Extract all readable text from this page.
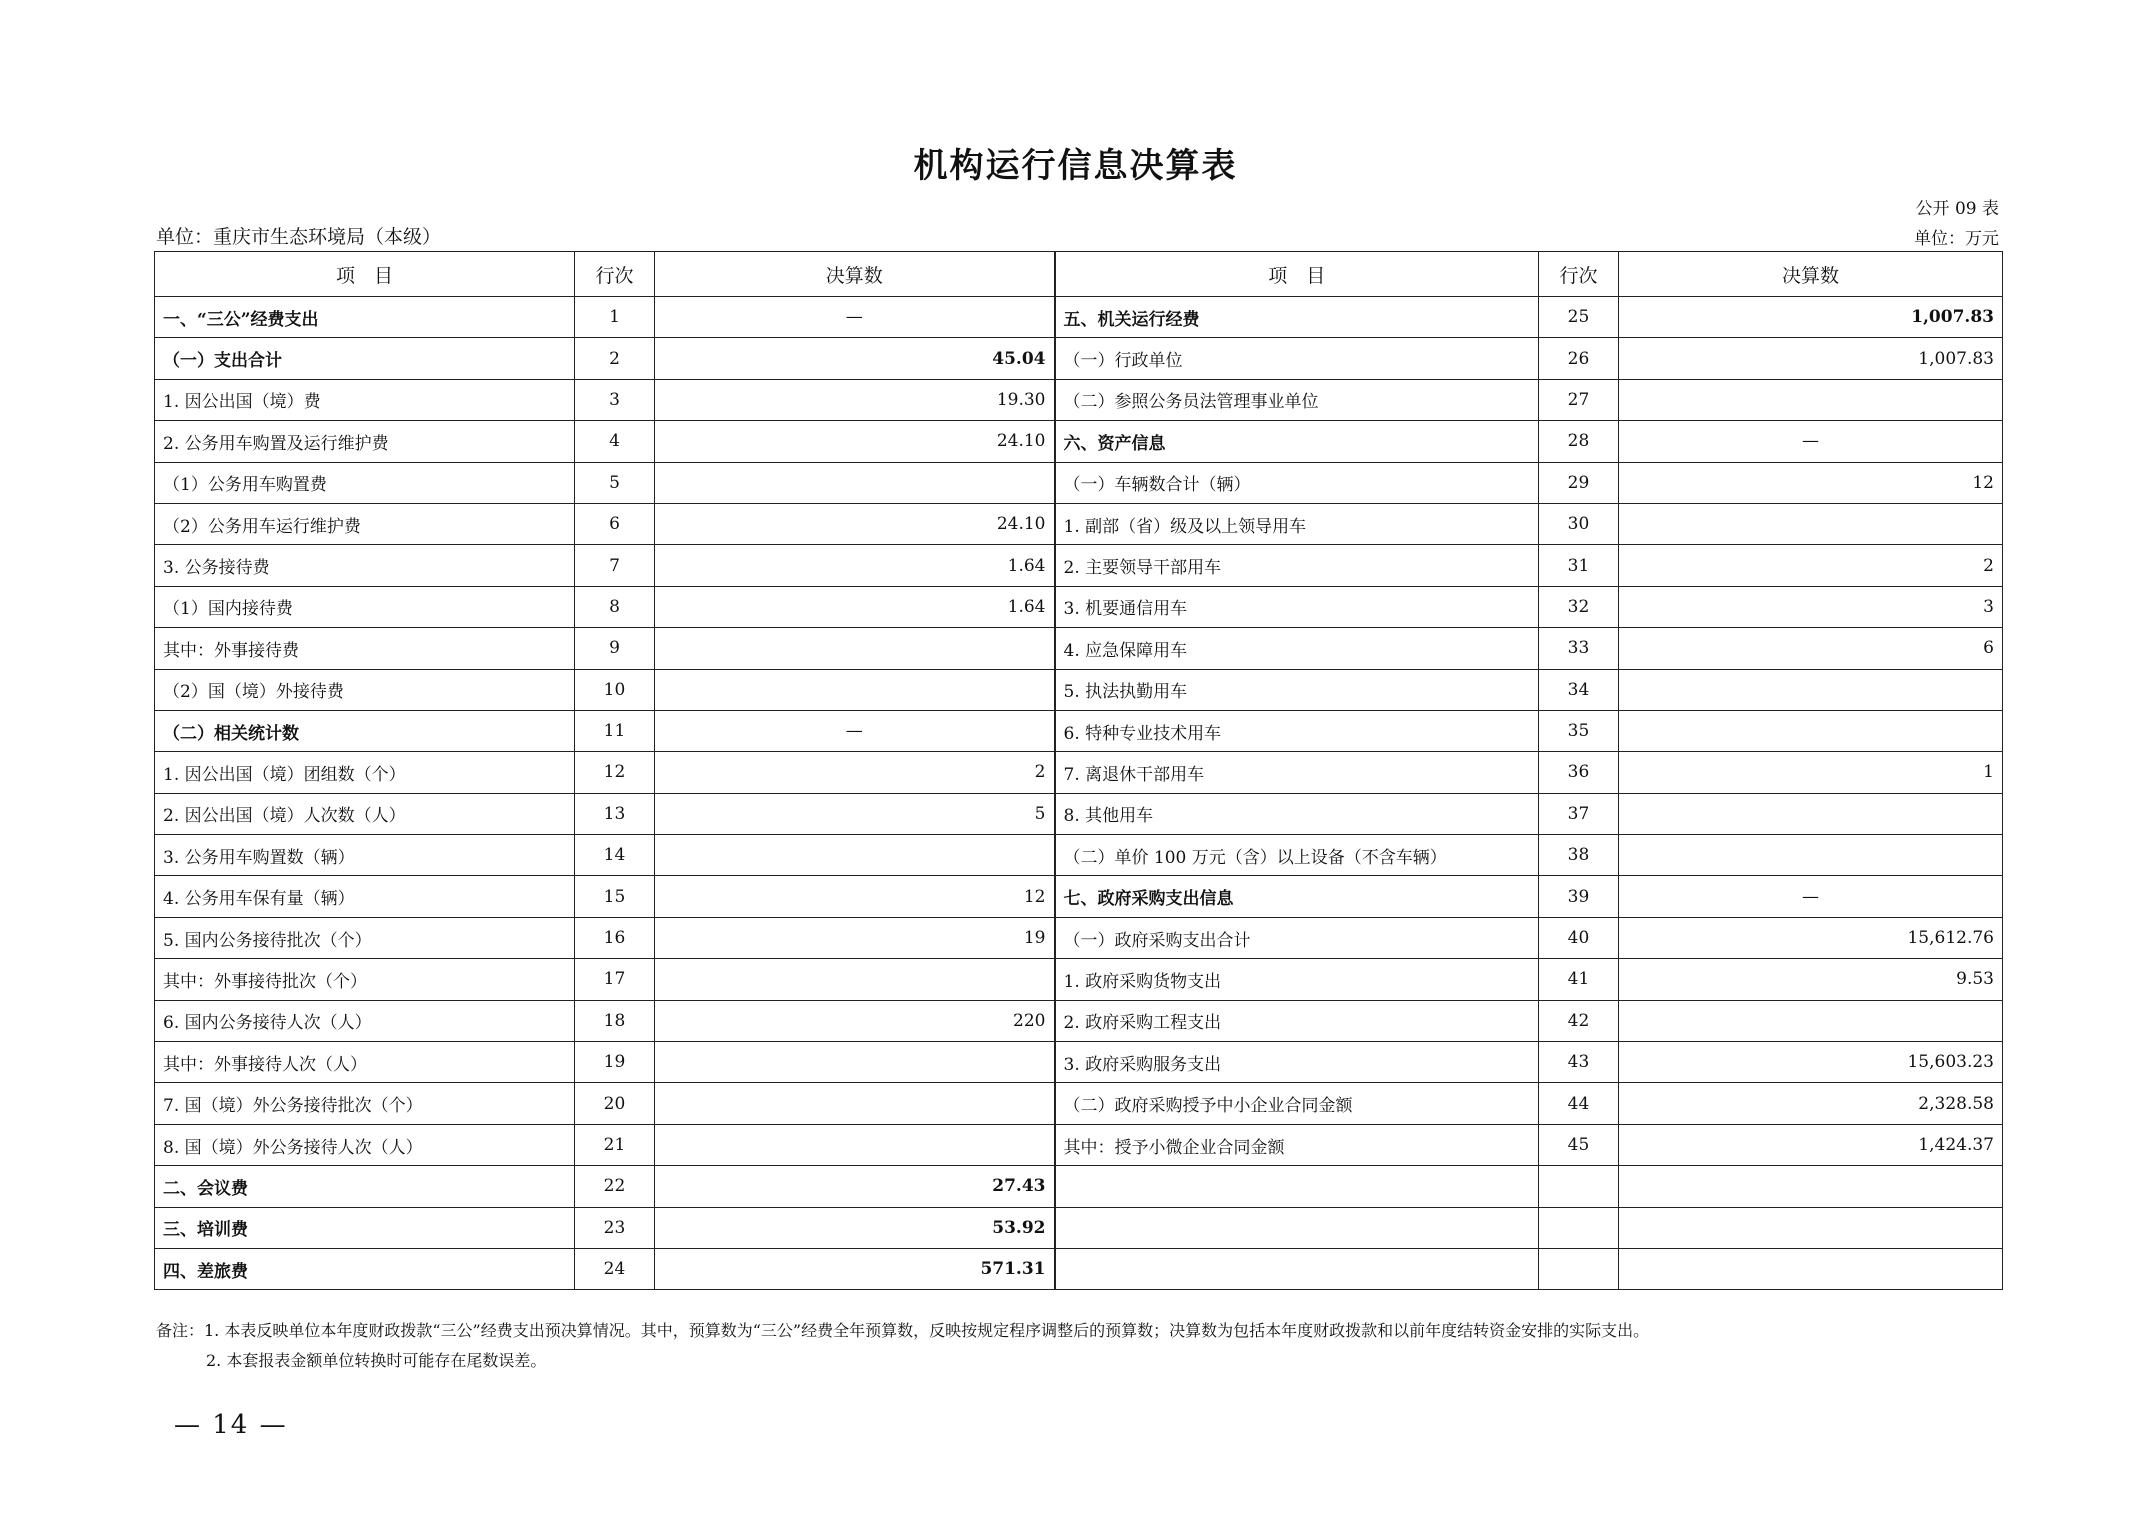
机构运行信息决算表
公开 09 表
单位：重庆市生态环境局（本级）	单位：万元
项　目	行次	决算数	项　目	行次	决算数
一、“三公”经费支出	1	—	五、机关运行经费	25	1,007.83
（一）支出合计	2	45.04	（一）行政单位	26	1,007.83
1. 因公出国（境）费	3	19.30	（二）参照公务员法管理事业单位	27	
2. 公务用车购置及运行维护费	4	24.10	六、资产信息	28	—
（1）公务用车购置费	5		（一）车辆数合计（辆）	29	12
（2）公务用车运行维护费	6	24.10	1. 副部（省）级及以上领导用车	30	
3. 公务接待费	7	1.64	2. 主要领导干部用车	31	2
（1）国内接待费	8	1.64	3. 机要通信用车	32	3
其中：外事接待费	9		4. 应急保障用车	33	6
（2）国（境）外接待费	10		5. 执法执勤用车	34	
（二）相关统计数	11	—	6. 特种专业技术用车	35	
1. 因公出国（境）团组数（个）	12	2	7. 离退休干部用车	36	1
2. 因公出国（境）人次数（人）	13	5	8. 其他用车	37	
3. 公务用车购置数（辆）	14		（二）单价 100 万元（含）以上设备（不含车辆）	38	
4. 公务用车保有量（辆）	15	12	七、政府采购支出信息	39	—
5. 国内公务接待批次（个）	16	19	（一）政府采购支出合计	40	15,612.76
其中：外事接待批次（个）	17		1. 政府采购货物支出	41	9.53
6. 国内公务接待人次（人）	18	220	2. 政府采购工程支出	42	
其中：外事接待人次（人）	19		3. 政府采购服务支出	43	15,603.23
7. 国（境）外公务接待批次（个）	20		（二）政府采购授予中小企业合同金额	44	2,328.58
8. 国（境）外公务接待人次（人）	21		其中：授予小微企业合同金额	45	1,424.37
二、会议费	22	27.43			
三、培训费	23	53.92			
四、差旅费	24	571.31			
备注：1. 本表反映单位本年度财政拨款“三公”经费支出预决算情况。其中，预算数为“三公”经费全年预算数，反映按规定程序调整后的预算数；决算数为包括本年度财政拨款和以前年度结转资金安排的实际支出。
2. 本套报表金额单位转换时可能存在尾数误差。
— 14 —
